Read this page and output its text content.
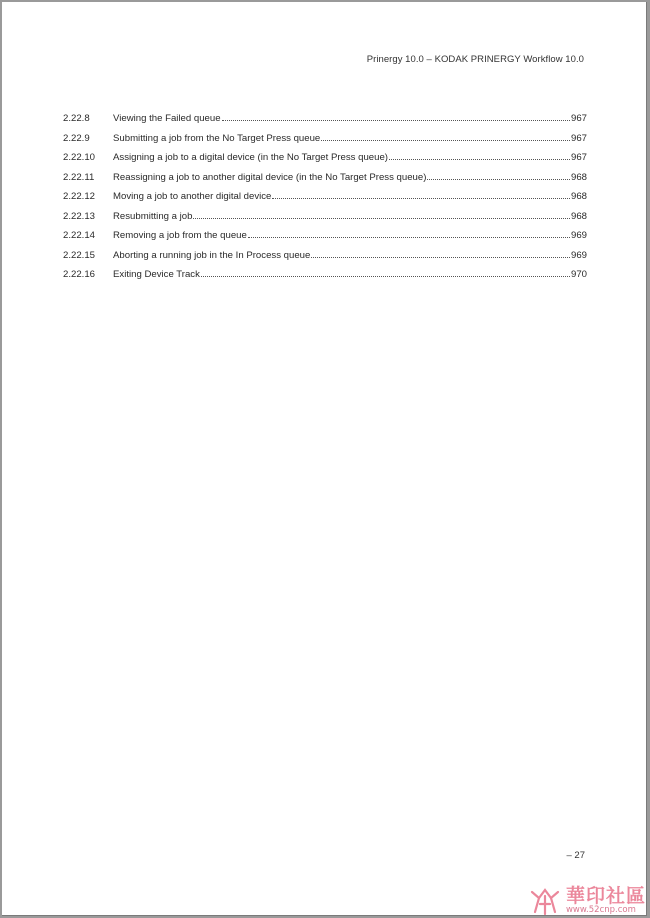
Prinergy 10.0 – KODAK PRINERGY Workflow 10.0
2.22.8	Viewing the Failed queue	967
2.22.9	Submitting a job from the No Target Press queue	967
2.22.10	Assigning a job to a digital device (in the No Target Press queue)	967
2.22.11	Reassigning a job to another digital device (in the No Target Press queue)	968
2.22.12	Moving a job to another digital device	968
2.22.13	Resubmitting a job	968
2.22.14	Removing a job from the queue	969
2.22.15	Aborting a running job in the In Process queue	969
2.22.16	Exiting Device Track	970
– 27
華印社區
www.52cnp.com
